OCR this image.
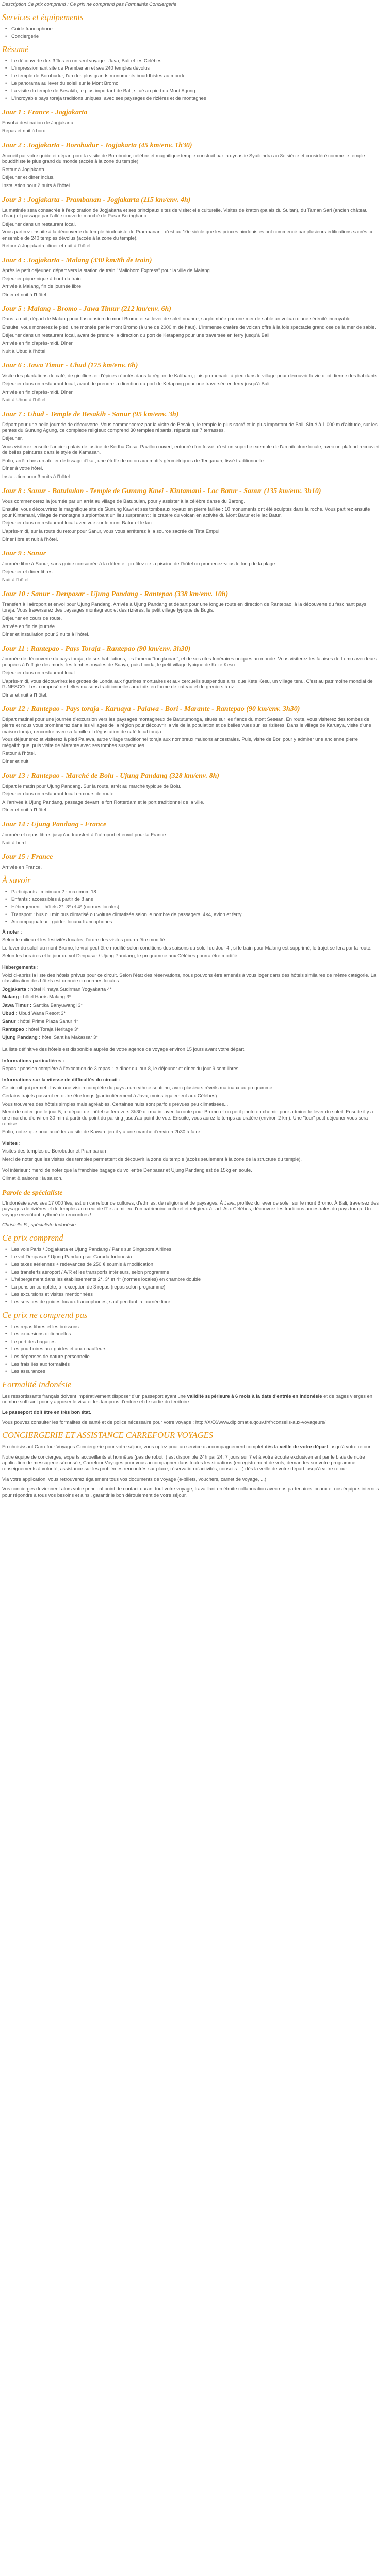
Description Ce prix comprend : Ce prix ne comprend pas Formalités Conciergerie

Services et équipements
• Guide francophone
• Conciergerie
Résumé
• Le découverte des 3 îles en un seul voyage : Java, Bali et les Célèbes
• L'impressionnant site de Prambanan et ses 240 temples dévolus
• Le temple de Borobudur, l'un des plus grands monuments bouddhistes au monde
• Le panorama au lever du soleil sur le Mont Bromo
• La visite du temple de Besakih, le plus important de Bali, situé au pied du Mont Agung
• L'incroyable pays toraja traditions uniques, avec ses paysages de rizières et de montagnes
Jour 1 : France - Jogjakarta

Envol à destination de Jogjakarta

Repas et nuit à bord.

Jour 2 : Jogjakarta - Borobudur - Jogjakarta (45 km/env. 1h30)

Accueil par votre guide et départ pour la visite de Borobudur, célèbre et magnifique temple construit par la dynastie Syailendra au 8e siècle et considéré comme le temple bouddhiste le plus grand du monde (accès à la zone du temple).

Retour à Jogjakarta.

Déjeuner et dîner inclus.

Installation pour 2 nuits à l'hôtel.

Jour 3 : Jogjakarta - Prambanan - Jogjakarta (115 km/env. 4h)

La matinée sera consacrée à l'exploration de Jogjakarta et ses principaux sites de visite: elle culturelle. Visites de kraton (palais du Sultan), du Taman Sari (ancien château d'eau) et passage par l'allée couverte marché de Pasar Beringharjo.

Déjeuner dans un restaurant local.

Vous partirez ensuite à la découverte du temple hindouiste de Prambanan : c'est au 10e siècle que les princes hindouistes ont commencé par plusieurs édifications sacrés cet ensemble de 240 temples dévolus (accès à la zone du temple).

Retour à Jogjakarta, dîner et nuit à l'hôtel.

Jour 4 : Jogjakarta - Malang (330 km/8h de train)

Après le petit déjeuner, départ vers la station de train "Malioboro Express" pour la ville de Malang.

Déjeuner pique-nique à bord du train.

Arrivée à Malang, fin de journée libre.

Dîner et nuit à l'hôtel.

Jour 5 : Malang - Bromo - Jawa Timur (212 km/env. 6h)

Dans la nuit, départ de Malang pour l'ascension du mont Bromo et se lever de soleil nuance, surplombée par une mer de sable un volcan d'une sérénité incroyable.

Ensuite, vous monterez le pied, une montée par le mont Bromo (à une de 2000 m de haut). L'immense cratère de volcan offre à la fois spectacle grandiose de la mer de sable.

Déjeuner dans un restaurant local, avant de prendre la direction du port de Ketapang pour une traversée en ferry jusqu'à Bali.

Arrivée en fin d'après-midi. Dîner.

Nuit à Ubud à l'hôtel.

Jour 6 : Jawa Timur - Ubud (175 km/env. 6h)

Visite des plantations de café, de girofliers et d'épices réputés dans la région de Kalibaru, puis promenade à pied dans le village pour découvrir la vie quotidienne des habitants.

Déjeuner dans un restaurant local, avant de prendre la direction du port de Ketapang pour une traversée en ferry jusqu'à Bali.

Arrivée en fin d'après-midi. Dîner.

Nuit à Ubud à l'hôtel.

Jour 7 : Ubud - Temple de Besakih - Sanur (95 km/env. 3h)

Départ pour une belle journée de découverte. Vous commencerez par la visite de Besakih, le temple le plus sacré et le plus important de Bali. Situé à 1 000 m d'altitude, sur les pentes du Gunung Agung, ce complexe religieux comprend 30 temples répartis, répartis sur 7 terrasses.

Déjeuner.

Vous visiterez ensuite l'ancien palais de justice de Kertha Gosa. Pavillon ouvert, entouré d'un fossé, c'est un superbe exemple de l'architecture locale, avec un plafond recouvert de belles peintures dans le style de Kamasan.

Enfin, arrêt dans un atelier de tissage d'Ikat, une étoffe de coton aux motifs géométriques de Tenganan, tissé traditionnelle.

Dîner à votre hôtel.

Installation pour 3 nuits à l'hôtel.

Jour 8 : Sanur - Batubulan - Temple de Gunung Kawi - Kintamani - Lac Batur - Sanur (135 km/env. 3h10)

Vous commencerez la journée par un arrêt au village de Batubulan, pour y assister à la célèbre danse du Barong.

Ensuite, vous découvrirez le magnifique site de Gunung Kawi et ses tombeaux royaux en pierre taillée : 10 monuments ont été sculptés dans la roche. Vous partirez ensuite pour Kintamani, village de montagne surplombant un lieu surprenant : le cratère du volcan en activité du Mont Batur et le lac Batur.

Déjeuner dans un restaurant local avec vue sur le mont Batur et le lac.

L'après-midi, sur la route du retour pour Sanur, vous vous arrêterez à la source sacrée de Tirta Empul.

Dîner libre et nuit à l'hôtel.

Jour 9 : Sanur

Journée libre à Sanur, sans guide consacrée à la détente : profitez de la piscine de l'hôtel ou promenez-vous le long de la plage...

Déjeuner et dîner libres.

Nuit à l'hôtel.

Jour 10 : Sanur - Denpasar - Ujung Pandang - Rantepao (338 km/env. 10h)

Transfert à l'aéroport et envol pour Ujung Pandang. Arrivée à Ujung Pandang et départ pour une longue route en direction de Rantepao, à la découverte du fascinant pays toraja. Vous traverserez des paysages montagneux et des rizières, le petit village typique de Bugis.

Déjeuner en cours de route.

Arrivée en fin de journée.

Dîner et installation pour 3 nuits à l'hôtel.

Jour 11 : Rantepao - Pays Toraja - Rantepao (90 km/env. 3h30)

Journée de découverte du pays toraja, de ses habitations, les fameux "tongkonan", et de ses rites funéraires uniques au monde. Vous visiterez les falaises de Lemo avec leurs poupées à l'effigie des morts, les tombes royales de Suaya, puis Londa, le petit village typique de Ke'te Kesu.

Déjeuner dans un restaurant local.

L'après-midi, vous découvrirez les grottes de Londa aux figurines mortuaires et aux cercueils suspendus ainsi que Kete Kesu, un village tenu. C'est au patrimoine mondial de l'UNESCO. Il est composé de belles maisons traditionnelles aux toits en forme de bateau et de greniers à riz.

Dîner et nuit à l'hôtel.

Jour 12 : Rantepao - Pays toraja - Karuaya - Palawa - Bori - Marante - Rantepao (90 km/env. 3h30)

Départ matinal pour une journée d'excursion vers les paysages montagneux de Batutumonga, situés sur les flancs du mont Sesean. En route, vous visiterez des tombes de pierre et nous vous promènerez dans les villages de la région pour découvrir la vie de la population et de belles vues sur les rizières. Dans le village de Karuaya, visite d'une maison toraja, rencontre avec sa famille et dégustation de café local toraja.

Vous déjeunerez et visiterez à pied Palawa, autre village traditionnel toraja aux nombreux maisons ancestrales. Puis, visite de Bori pour y admirer une ancienne pierre mégalithique, puis visite de Marante avec ses tombes suspendues.

Retour à l'hôtel.

Dîner et nuit.

Jour 13 : Rantepao - Marché de Bolu - Ujung Pandang (328 km/env. 8h)

Départ le matin pour Ujung Pandang. Sur la route, arrêt au marché typique de Bolu.

Déjeuner dans un restaurant local en cours de route.

À l'arrivée à Ujung Pandang, passage devant le fort Rotterdam et le port traditionnel de la ville.

Dîner et nuit à l'hôtel.

Jour 14 : Ujung Pandang - France

Journée et repas libres jusqu'au transfert à l'aéroport et envol pour la France.

Nuit à bord.

Jour 15 : France

Arrivée en France.

À savoir
• Participants : minimum 2 - maximum 18
• Enfants : accessibles à partir de 8 ans
• Hébergement : hôtels 2*, 3* et 4* (normes locales)
• Transport : bus ou minibus climatisé ou voiture climatisée selon le nombre de passagers, 4×4, avion et ferry
• Accompagnateur : guides locaux francophones

À noter :

Selon le milieu et les festivités locales, l'ordre des visites pourra être modifié.

Le lever du soleil au mont Bromo, le vrai peut être modifié selon conditions des saisons du soleil du Jour 4 ; si le train pour Malang est supprimé, le trajet se fera par la route.

Selon les horaires et le jour du vol Denpasar / Ujung Pandang, le programme aux Célèbes pourra être modifié.

Hébergements :

Voici ci-après la liste des hôtels prévus pour ce circuit. Selon l'état des réservations, nous pouvons être amenés à vous loger dans des hôtels similaires de même catégorie. La classification des hôtels est donnée en normes locales.

Jogjakarta : hôtel Kimaya Sudirman Yogyakarta 4*

Malang : hôtel Harris Malang 3*

Jawa Timur : Santika Banyuwangi 3*

Ubud : Ubud Wana Resort 3*

Sanur : hôtel Prime Plaza Sanur 4*

Rantepao : hôtel Toraja Heritage 3*

Ujung Pandang : hôtel Santika Makassar 3*

La liste définitive des hôtels est disponible auprès de votre agence de voyage environ 15 jours avant votre départ.

Informations particulières :

Repas : pension complète à l'exception de 3 repas : le dîner du jour 8, le déjeuner et dîner du jour 9 sont libres.

Informations sur la vitesse de difficultés du circuit :

Ce circuit qui permet d'avoir une vision complète du pays a un rythme soutenu, avec plusieurs réveils matinaux au programme.

Certains trajets passent en outre être longs (particulièrement à Java, moins également aux Célèbes).

Vous trouverez des hôtels simples mais agréables. Certaines nuits sont parfois prévues peu climatisées...

Merci de noter que le jour 5, le départ de l'hôtel se fera vers 3h30 du matin, avec la route pour Bromo et un petit photo en chemin pour admirer le lever du soleil. Ensuite il y a une marche d'environ 30 min à partir du point du parking jusqu'au point de vue. Ensuite, vous aurez le temps au cratère (environ 2 km). Une "tour" petit déjeuner vous sera remise.

Enfin, notez que pour accéder au site de Kawah Ijen il y a une marche d'environ 2h30 à faire.

Visites :

Visites des temples de Borobudur et Prambanan :

Merci de noter que les visites des temples permettent de découvrir la zone du temple (accès seulement à la zone de la structure du temple).

Vol intérieur : merci de noter que la franchise bagage du vol entre Denpasar et Ujung Pandang est de 15kg en soute.

Climat & saisons : la saison.

Parole de spécialiste

L'Indonésie avec ses 17 000 îles, est un carrefour de cultures, d'ethnies, de religions et de paysages. À Java, profitez du lever de soleil sur le mont Bromo. À Bali, traversez des paysages de rizières et de temples au cœur de l'île au milieu d'un patrimoine culturel et religieux à l'art. Aux Célèbes, découvrez les traditions ancestrales du pays toraja. Un voyage envoûtant, rythmé de rencontres !

Christelle B., spécialiste Indonésie

Ce prix comprend
• Les vols Paris / Jogjakarta et Ujung Pandang / Paris sur Singapore Airlines
• Le vol Denpasar / Ujung Pandang sur Garuda Indonesia
• Les taxes aériennes + redevances de 250 € soumis à modification
• Les transferts aéroport / A/R et les transports intérieurs, selon programme
• L'hébergement dans les établissements 2*, 3* et 4* (normes locales) en chambre double
• La pension complète, à l'exception de 3 repas (repas selon programme)
• Les excursions et visites mentionnées
• Les services de guides locaux francophones, sauf pendant la journée libre
Ce prix ne comprend pas
• Les repas libres et les boissons
• Les excursions optionnelles
• Le port des bagages
• Les pourboires aux guides et aux chauffeurs
• Les dépenses de nature personnelle
• Les frais liés aux formalités
• Les assurances
Formalité Indonésie

Les ressortissants français doivent impérativement disposer d'un passeport ayant une validité supérieure à 6 mois à la date d'entrée en Indonésie et de pages vierges en nombre suffisant pour y apposer le visa et les tampons d'entrée et de sortie du territoire.

Le passeport doit être en très bon état.

Vous pouvez consulter les formalités de santé et de police nécessaire pour votre voyage : http://XXX/www.diplomatie.gouv.fr/fr/conseils-aux-voyageurs/

CONCIERGERIE ET ASSISTANCE CARREFOUR VOYAGES

En choisissant Carrefour Voyages Conciergerie pour votre séjour, vous optez pour un service d'accompagnement complet dès la veille de votre départ jusqu'à votre retour.

Notre équipe de concierges, experts accueillants et honnêtes (pas de robot !) est disponible 24h par 24, 7 jours sur 7 et à votre écoute exclusivement par le biais de notre application de messagerie sécurisée, Carrefour Voyages pour vous accompagner dans toutes les situations (enregistrement de vols, demandes sur votre programme, renseignements à volonté, assistance sur les problèmes rencontrés sur place, réservation d'activités, conseils ...) dès la veille de votre départ jusqu'à votre retour.

Via votre application, vous retrouverez également tous vos documents de voyage (e-billets, vouchers, carnet de voyage, ...).

Vos concierges deviennent alors votre principal point de contact durant tout votre voyage, travaillant en étroite collaboration avec nos partenaires locaux et nos équipes internes pour répondre à tous vos besoins et ainsi, garantir le bon déroulement de votre séjour.
